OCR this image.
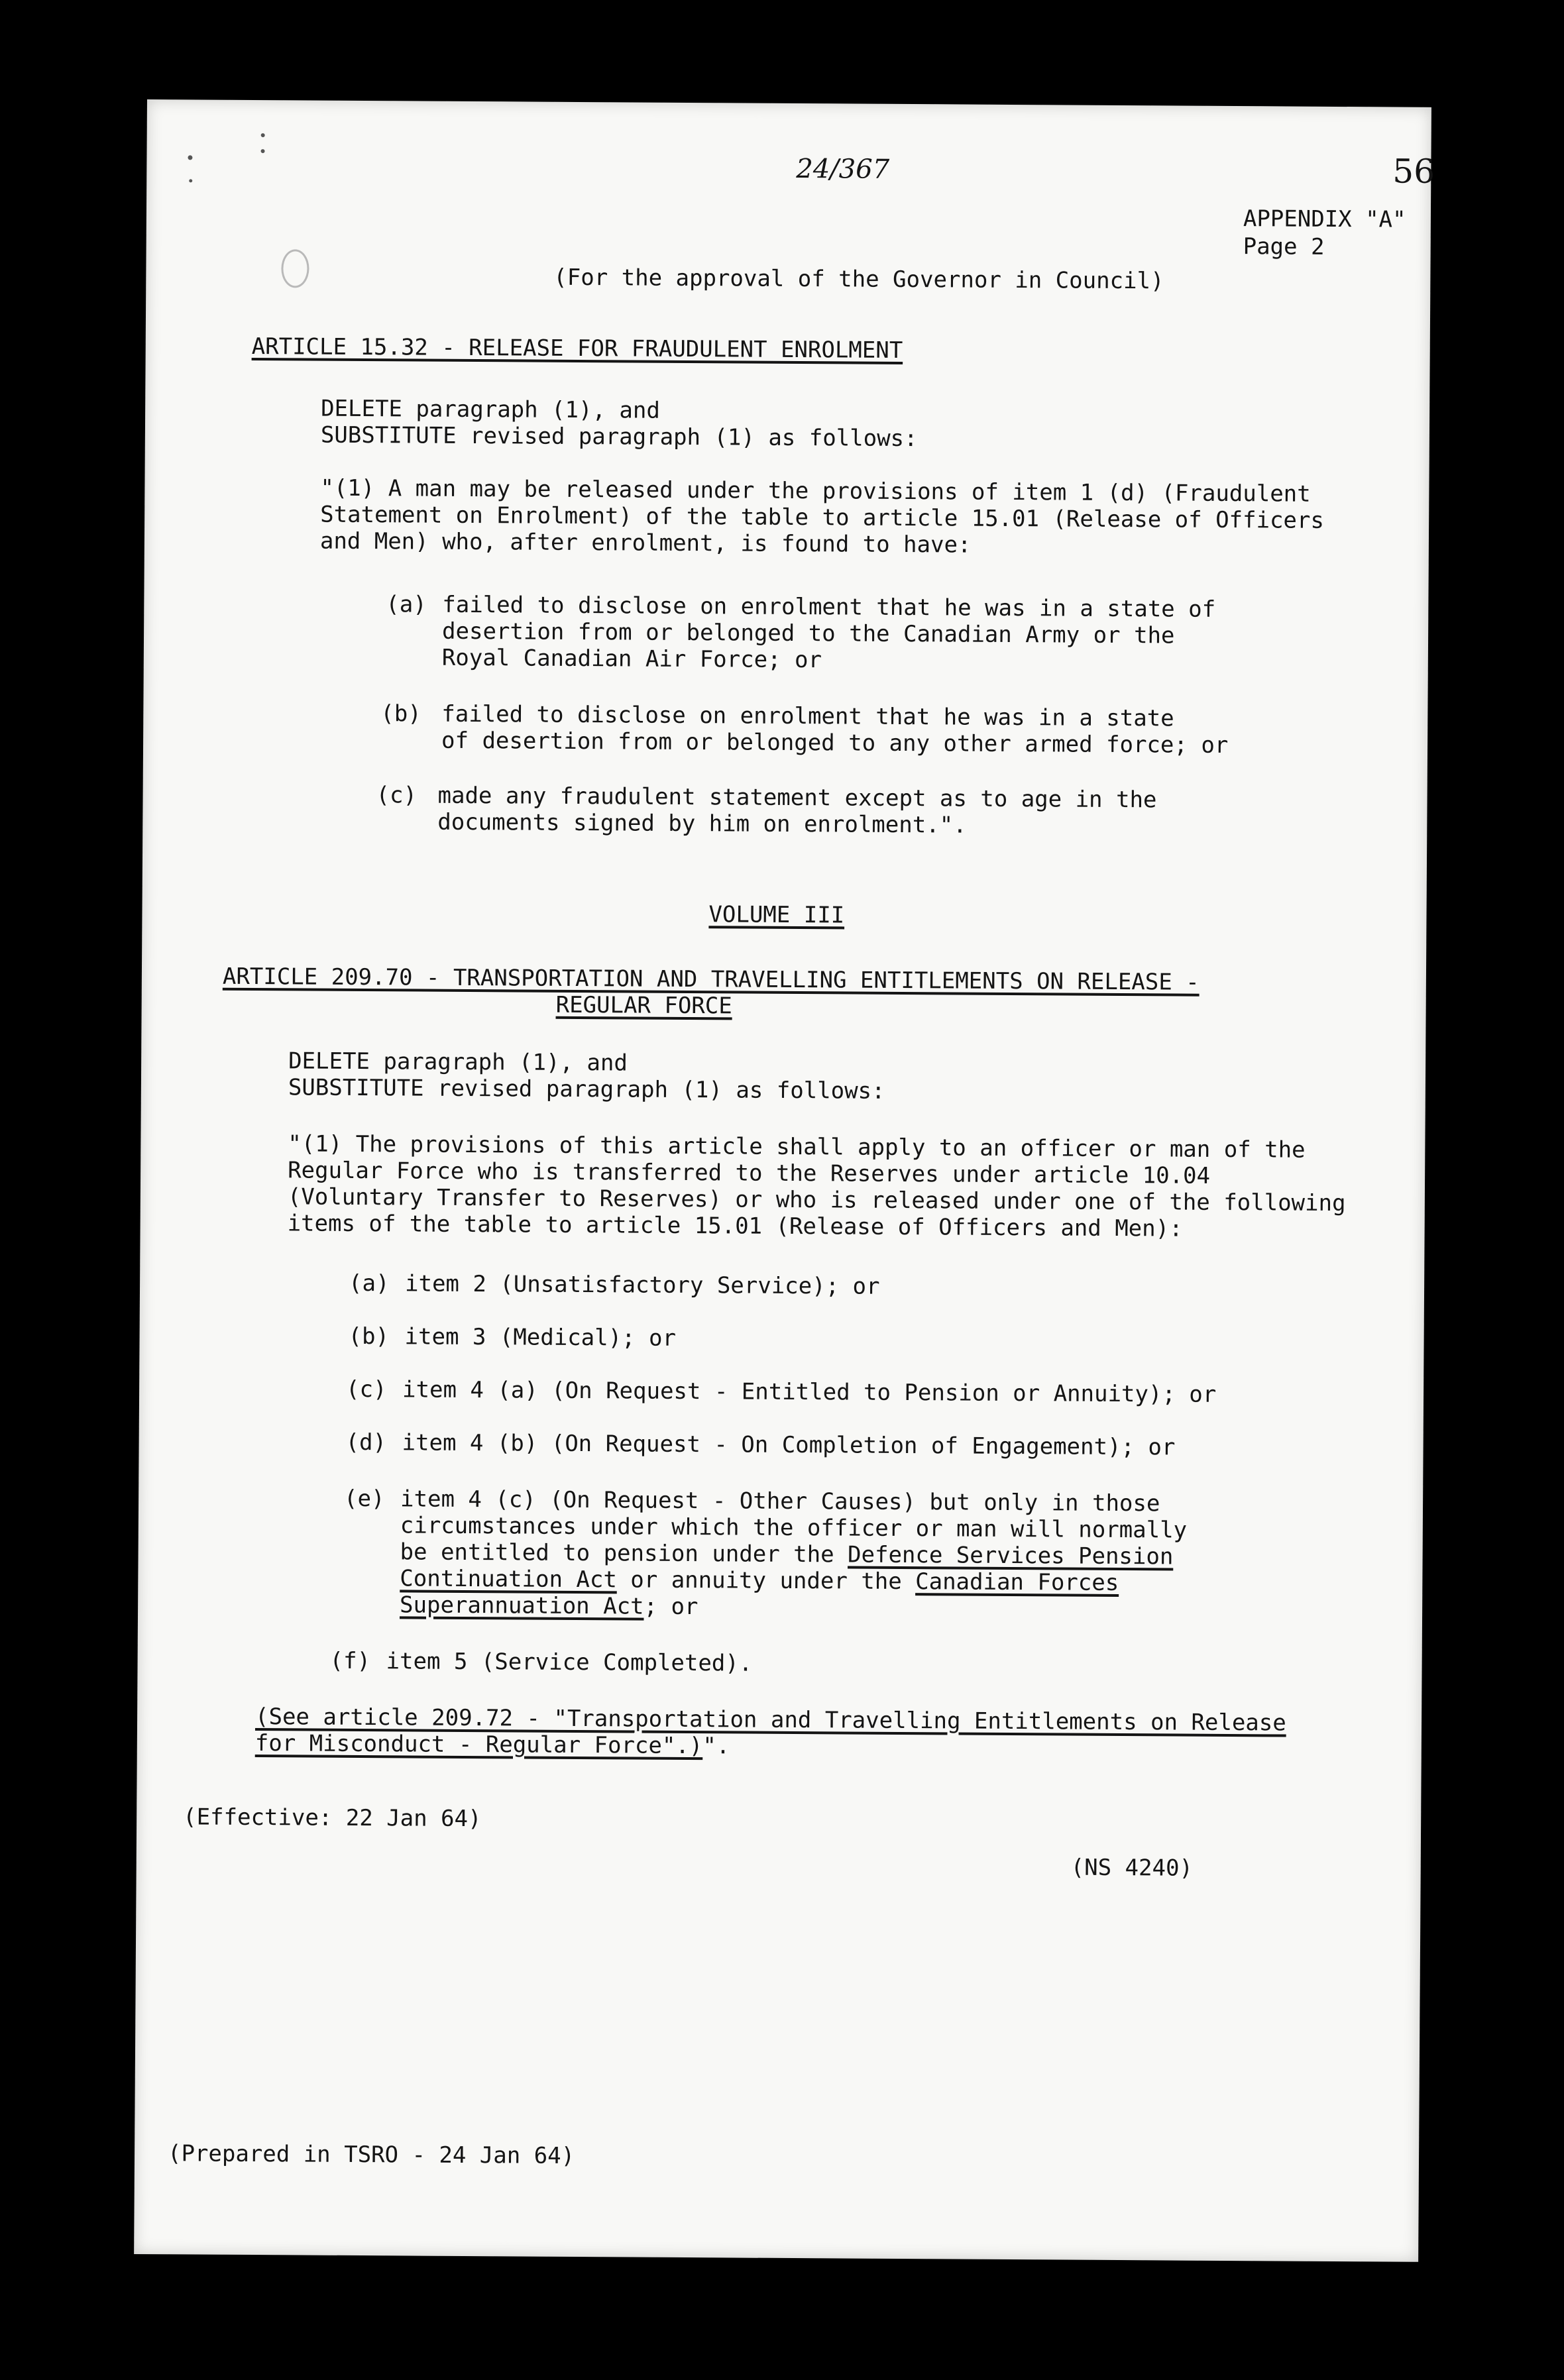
24/367	56
APPENDIX "A"
Page 2
(For the approval of the Governor in Council)
ARTICLE 15.32 - RELEASE FOR FRAUDULENT ENROLMENT
DELETE paragraph (1), and
SUBSTITUTE revised paragraph (1) as follows:
"(1) A man may be released under the provisions of item 1 (d) (Fraudulent
Statement on Enrolment) of the table to article 15.01 (Release of Officers
and Men) who, after enrolment, is found to have:
(a) failed to disclose on enrolment that he was in a state of
desertion from or belonged to the Canadian Army or the
Royal Canadian Air Force; or
(b) failed to disclose on enrolment that he was in a state
of desertion from or belonged to any other armed force; or
(c) made any fraudulent statement except as to age in the
documents signed by him on enrolment.".
VOLUME III
ARTICLE 209.70 - TRANSPORTATION AND TRAVELLING ENTITLEMENTS ON RELEASE -
REGULAR FORCE
DELETE paragraph (1), and
SUBSTITUTE revised paragraph (1) as follows:
"(1) The provisions of this article shall apply to an officer or man of the
Regular Force who is transferred to the Reserves under article 10.04
(Voluntary Transfer to Reserves) or who is released under one of the following
items of the table to article 15.01 (Release of Officers and Men):
(a) item 2 (Unsatisfactory Service); or
(b) item 3 (Medical); or
(c) item 4 (a) (On Request - Entitled to Pension or Annuity); or
(d) item 4 (b) (On Request - On Completion of Engagement); or
(e) item 4 (c) (On Request - Other Causes) but only in those
circumstances under which the officer or man will normally
be entitled to pension under the Defence Services Pension
Continuation Act or annuity under the Canadian Forces
Superannuation Act; or
(f) item 5 (Service Completed).
(See article 209.72 - "Transportation and Travelling Entitlements on Release
for Misconduct - Regular Force".)".
(Effective: 22 Jan 64)
(NS 4240)
(Prepared in TSRO - 24 Jan 64)
